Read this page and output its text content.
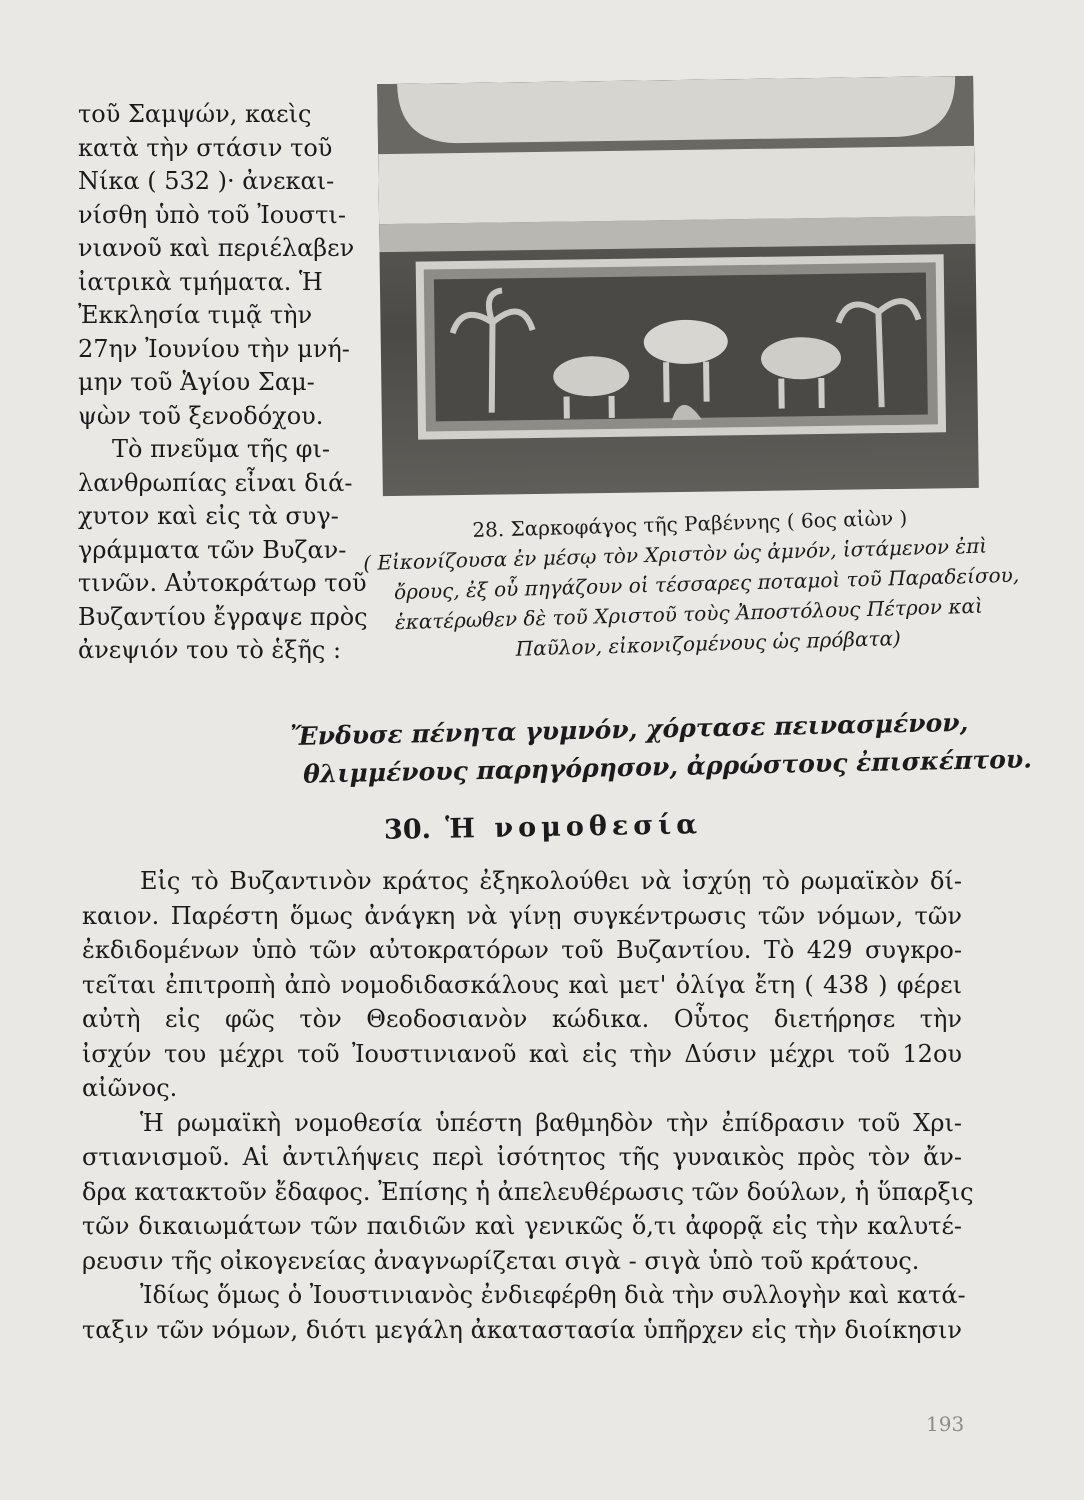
τοῦ Σαμψών, καεὶς
κατὰ τὴν στάσιν τοῦ
Νίκα ( 532 )· ἀνεκαι-
νίσθη ὑπὸ τοῦ Ἰουστι-
νιανοῦ καὶ περιέλαβεν
ἰατρικὰ τμήματα. Ἡ
Ἐκκλησία τιμᾷ τὴν
27ην Ἰουνίου τὴν μνή-
μην τοῦ Ἁγίου Σαμ-
ψὼν τοῦ ξενοδόχου.
Τὸ πνεῦμα τῆς φι-
λανθρωπίας εἶναι διά-
χυτον καὶ εἰς τὰ συγ-
γράμματα τῶν Βυζαν-
τινῶν. Αὐτοκράτωρ τοῦ
Βυζαντίου ἔγραψε πρὸς
ἀνεψιόν του τὸ ἑξῆς :
28. Σαρκοφάγος τῆς Ραβέννης ( 6ος αἰὼν )
( Εἰκονίζουσα ἐν μέσῳ τὸν Χριστὸν ὡς ἀμνόν, ἱστάμενον ἐπὶ
ὄρους, ἐξ οὗ πηγάζουν οἱ τέσσαρες ποταμοὶ τοῦ Παραδείσου,
ἑκατέρωθεν δὲ τοῦ Χριστοῦ τοὺς Ἀποστόλους Πέτρον καὶ
Παῦλον, εἰκονιζομένους ὡς πρόβατα)
Ἔνδυσε πένητα γυμνόν, χόρτασε πεινασμένον,
θλιμμένους παρηγόρησον, ἀρρώστους ἐπισκέπτου.
30. Ἡ νομοθεσία
Εἰς τὸ Βυζαντινὸν κράτος ἐξηκολούθει νὰ ἰσχύῃ τὸ ρωμαϊκὸν δί-
καιον. Παρέστη ὅμως ἀνάγκη νὰ γίνῃ συγκέντρωσις τῶν νόμων, τῶν
ἐκδιδομένων ὑπὸ τῶν αὐτοκρατόρων τοῦ Βυζαντίου. Τὸ 429 συγκρο-
τεῖται ἐπιτροπὴ ἀπὸ νομοδιδασκάλους καὶ μετ' ὀλίγα ἔτη ( 438 ) φέρει
αὐτὴ εἰς φῶς τὸν Θεοδοσιανὸν κώδικα. Οὗτος διετήρησε τὴν
ἰσχύν του μέχρι τοῦ Ἰουστινιανοῦ καὶ εἰς τὴν Δύσιν μέχρι τοῦ 12ου
αἰῶνος.
Ἡ ρωμαϊκὴ νομοθεσία ὑπέστη βαθμηδὸν τὴν ἐπίδρασιν τοῦ Χρι-
στιανισμοῦ. Αἱ ἀντιλήψεις περὶ ἰσότητος τῆς γυναικὸς πρὸς τὸν ἄν-
δρα κατακτοῦν ἔδαφος. Ἐπίσης ἡ ἀπελευθέρωσις τῶν δούλων, ἡ ὕπαρξις
τῶν δικαιωμάτων τῶν παιδιῶν καὶ γενικῶς ὅ,τι ἀφορᾷ εἰς τὴν καλυτέ-
ρευσιν τῆς οἰκογενείας ἀναγνωρίζεται σιγὰ - σιγὰ ὑπὸ τοῦ κράτους.
Ἰδίως ὅμως ὁ Ἰουστινιανὸς ἐνδιεφέρθη διὰ τὴν συλλογὴν καὶ κατά-
ταξιν τῶν νόμων, διότι μεγάλη ἀκαταστασία ὑπῆρχεν εἰς τὴν διοίκησιν
193
